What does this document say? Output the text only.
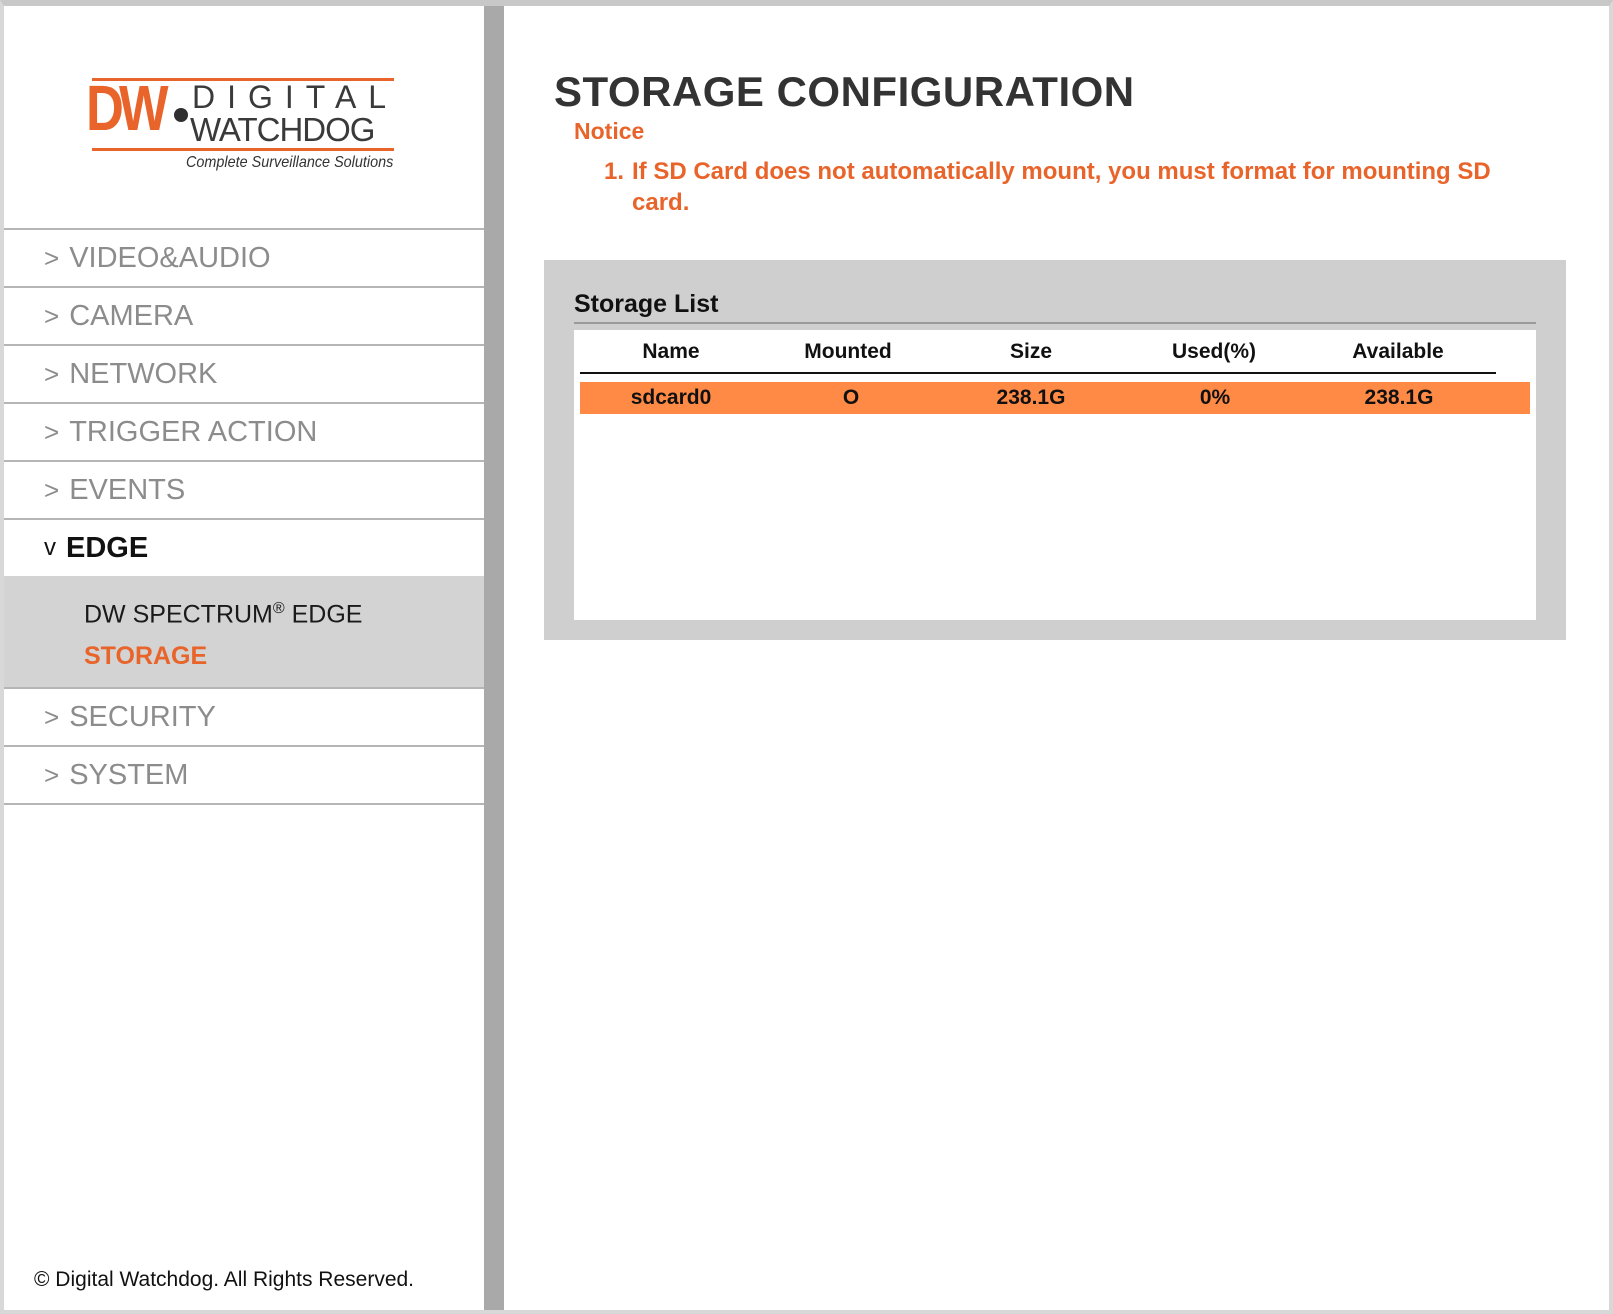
DW DIGITAL
WATCHDOG
Complete Surveillance Solutions
> VIDEO&AUDIO
> CAMERA
> NETWORK
> TRIGGER ACTION
> EVENTS
v EDGE
DW SPECTRUM® EDGE
STORAGE
> SECURITY
> SYSTEM
© Digital Watchdog. All Rights Reserved.
STORAGE CONFIGURATION
Notice
1. If SD Card does not automatically mount, you must format for mounting SD card.
Storage List
Name	Mounted	Size	Used(%)	Available
sdcard0	O	238.1G	0%	238.1G
